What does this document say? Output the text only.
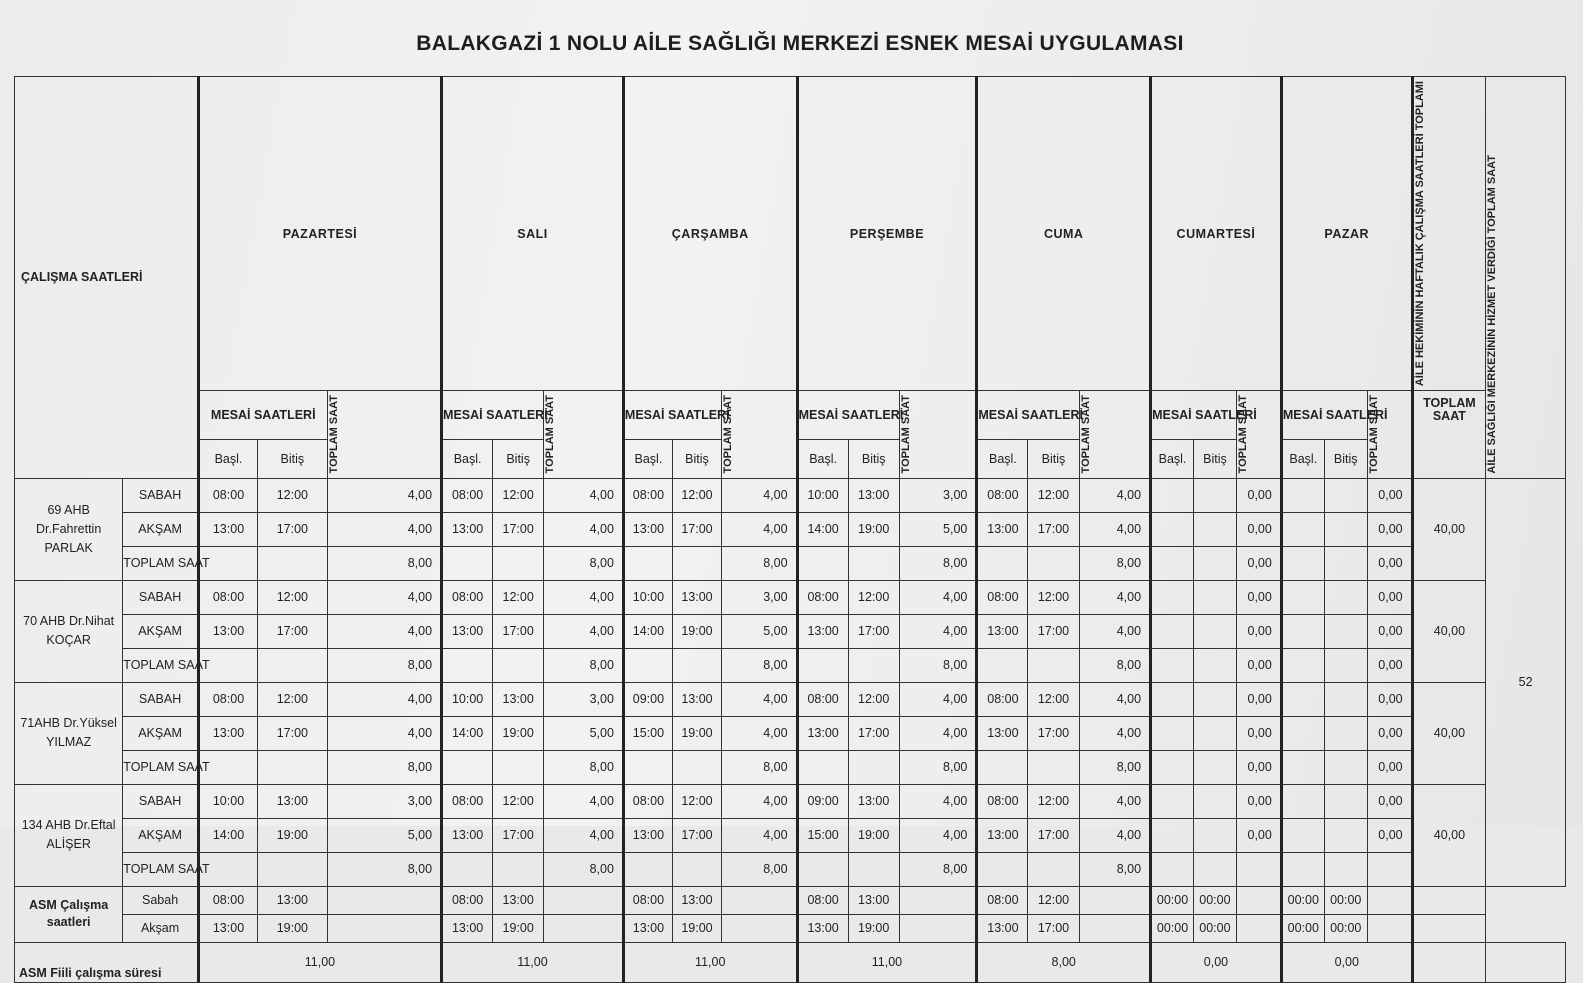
BALAKGAZİ 1 NOLU AİLE SAĞLIĞI MERKEZİ ESNEK MESAİ UYGULAMASI
ÇALIŞMA SAATLERİ		PAZARTESİ			SALI			ÇARŞAMBA			PERŞEMBE			CUMA			CUMARTESİ			PAZAR			AİLE HEKİMİNİN HAFTALIK ÇALIŞMA SAATLERİ TOPLAMI	AİLE SAĞLIĞI MERKEZİNİN HİZMET VERDİĞİ TOPLAM SAAT

		MESAİ SAATLERİ		TOPLAM SAAT	MESAİ SAATLERİ		TOPLAM SAAT	MESAİ SAATLERİ		TOPLAM SAAT	MESAİ SAATLERİ		TOPLAM SAAT	MESAİ SAATLERİ		TOPLAM SAAT	MESAİ SAATLERİ		TOPLAM SAAT	MESAİ SAATLERİ		TOPLAM SAAT	TOPLAM SAAT	
		Başl.	Bitiş		Başl.	Bitiş		Başl.	Bitiş		Başl.	Bitiş		Başl.	Bitiş		Başl.	Bitiş		Başl.	Bitiş			
69 AHB Dr.Fahrettin PARLAK	SABAH	08:00	12:00	4,00	08:00	12:00	4,00	08:00	12:00	4,00	10:00	13:00	3,00	08:00	12:00	4,00			0,00			0,00	40,00	52
	AKŞAM	13:00	17:00	4,00	13:00	17:00	4,00	13:00	17:00	4,00	14:00	19:00	5,00	13:00	17:00	4,00			0,00			0,00		
	TOPLAM SAAT			8,00			8,00			8,00			8,00			8,00			0,00			0,00		
70 AHB Dr.Nihat KOÇAR	SABAH	08:00	12:00	4,00	08:00	12:00	4,00	10:00	13:00	3,00	08:00	12:00	4,00	08:00	12:00	4,00			0,00			0,00	40,00	
	AKŞAM	13:00	17:00	4,00	13:00	17:00	4,00	14:00	19:00	5,00	13:00	17:00	4,00	13:00	17:00	4,00			0,00			0,00		
	TOPLAM SAAT			8,00			8,00			8,00			8,00			8,00			0,00			0,00		
71AHB Dr.Yüksel YILMAZ	SABAH	08:00	12:00	4,00	10:00	13:00	3,00	09:00	13:00	4,00	08:00	12:00	4,00	08:00	12:00	4,00			0,00			0,00	40,00	
	AKŞAM	13:00	17:00	4,00	14:00	19:00	5,00	15:00	19:00	4,00	13:00	17:00	4,00	13:00	17:00	4,00			0,00			0,00		
	TOPLAM SAAT			8,00			8,00			8,00			8,00			8,00			0,00			0,00		
134 AHB Dr.Eftal ALİŞER	SABAH	10:00	13:00	3,00	08:00	12:00	4,00	08:00	12:00	4,00	09:00	13:00	4,00	08:00	12:00	4,00			0,00			0,00	40,00	
	AKŞAM	14:00	19:00	5,00	13:00	17:00	4,00	13:00	17:00	4,00	15:00	19:00	4,00	13:00	17:00	4,00			0,00			0,00		
	TOPLAM SAAT			8,00			8,00			8,00			8,00			8,00								
ASM Çalışma saatleri	Sabah	08:00	13:00		08:00	13:00		08:00	13:00		08:00	13:00		08:00	12:00		00:00	00:00		00:00	00:00			
	Akşam	13:00	19:00		13:00	19:00		13:00	19:00		13:00	19:00		13:00	17:00		00:00	00:00		00:00	00:00			
ASM Fiili çalışma süresi		11,00			11,00			11,00			11,00			8,00			0,00			0,00				
